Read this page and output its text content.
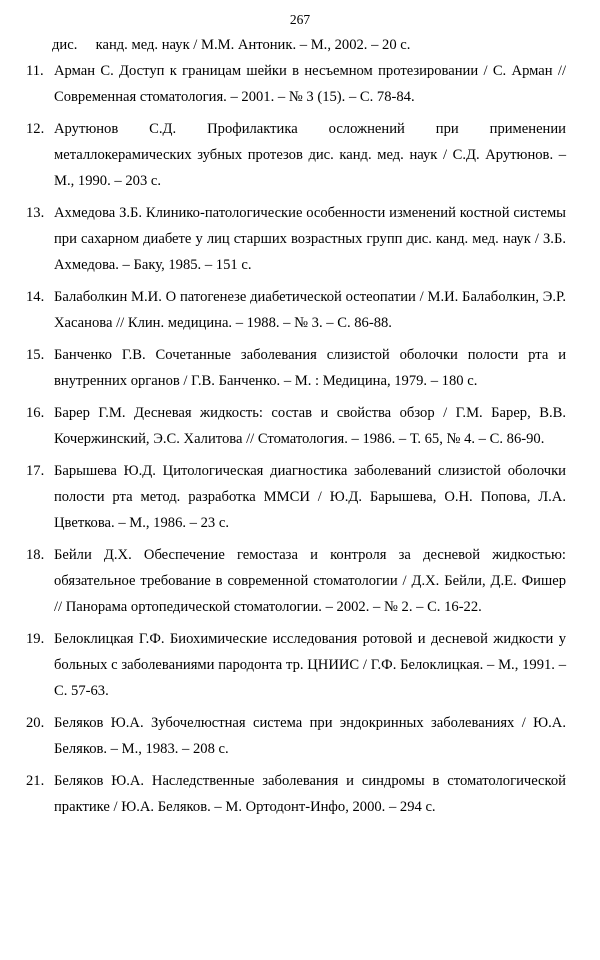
267
дис.     канд. мед. наук / М.М. Антоник. – М., 2002. – 20 с.
11. Арман С. Доступ к границам шейки в несъемном протезировании / С. Арман // Современная стоматология. – 2001. – № 3 (15). – С. 78-84.
12. Арутюнов С.Д. Профилактика осложнений при применении металлокерамических зубных протезов дис. канд. мед. наук / С.Д. Арутюнов. – М., 1990. – 203 с.
13. Ахмедова З.Б. Клинико-патологические особенности изменений костной системы при сахарном диабете у лиц старших возрастных групп дис. канд. мед. наук / З.Б. Ахмедова. – Баку, 1985. – 151 с.
14. Балаболкин М.И. О патогенезе диабетической остеопатии / М.И. Балаболкин, Э.Р. Хасанова // Клин. медицина. – 1988. – № 3. – С. 86-88.
15. Банченко Г.В. Сочетанные заболевания слизистой оболочки полости рта и внутренних органов / Г.В. Банченко. – М. : Медицина, 1979. – 180 с.
16. Барер Г.М. Десневая жидкость: состав и свойства обзор / Г.М. Барер, В.В. Кочержинский, Э.С. Халитова // Стоматология. – 1986. – Т. 65, № 4. – С. 86-90.
17. Барышева Ю.Д. Цитологическая диагностика заболеваний слизистой оболочки полости рта метод. разработка ММСИ / Ю.Д. Барышева, О.Н. Попова, Л.А. Цветкова. – М., 1986. – 23 с.
18. Бейли Д.Х. Обеспечение гемостаза и контроля за десневой жидкостью: обязательное требование в современной стоматологии / Д.Х. Бейли, Д.Е. Фишер // Панорама ортопедической стоматологии. – 2002. – № 2. – С. 16-22.
19. Белоклицкая Г.Ф. Биохимические исследования ротовой и десневой жидкости у больных с заболеваниями пародонта тр. ЦНИИС / Г.Ф. Белоклицкая. – М., 1991. – С. 57-63.
20. Беляков Ю.А. Зубочелюстная система при эндокринных заболеваниях / Ю.А. Беляков. – М., 1983. – 208 с.
21. Беляков Ю.А. Наследственные заболевания и синдромы в стоматологической практике / Ю.А. Беляков. – М. Ортодонт-Инфо, 2000. – 294 с.
